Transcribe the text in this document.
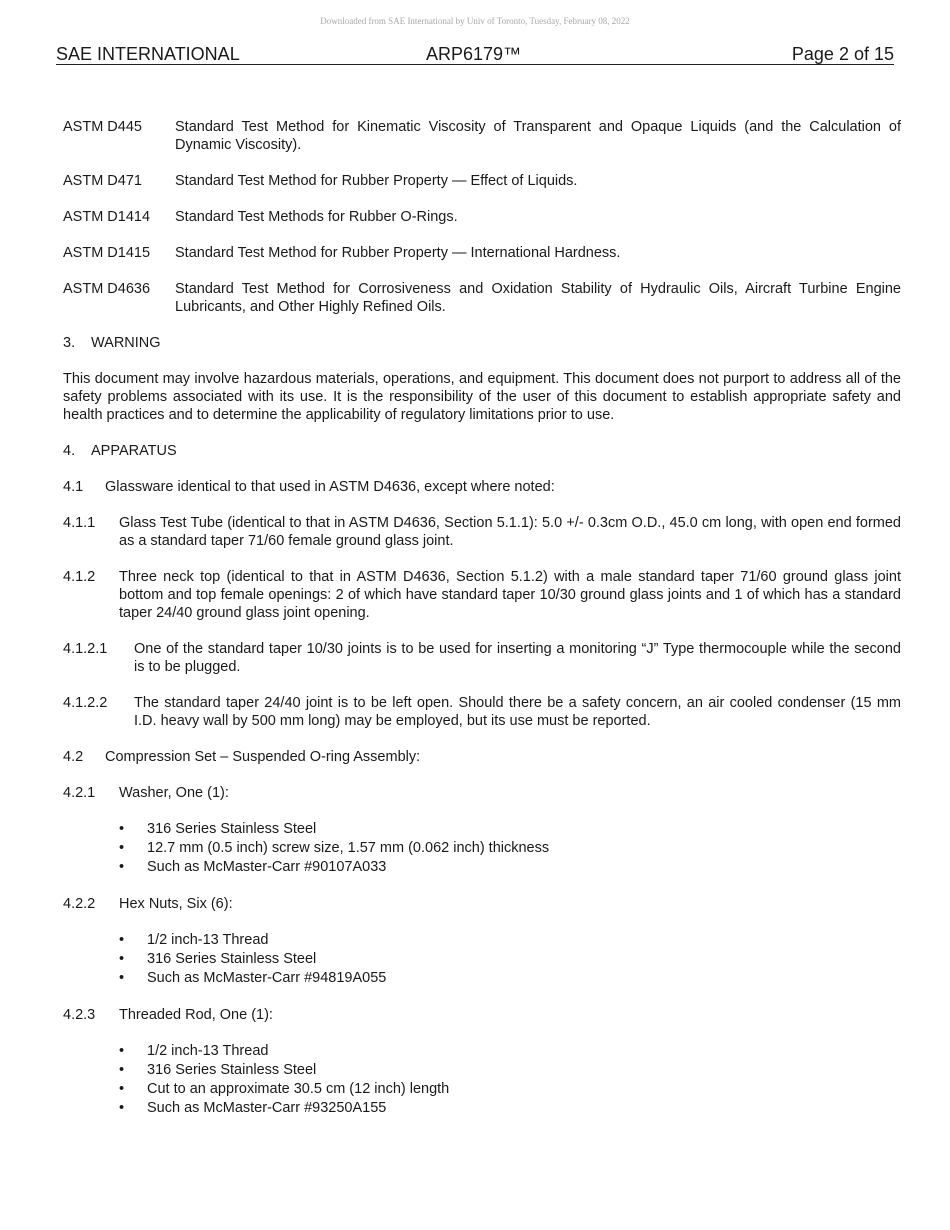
Downloaded from SAE International by Univ of Toronto, Tuesday, February 08, 2022
SAE INTERNATIONAL	ARP6179™	Page 2 of 15
ASTM D445	Standard Test Method for Kinematic Viscosity of Transparent and Opaque Liquids (and the Calculation of Dynamic Viscosity).
ASTM D471	Standard Test Method for Rubber Property ― Effect of Liquids.
ASTM D1414	Standard Test Methods for Rubber O-Rings.
ASTM D1415	Standard Test Method for Rubber Property ― International Hardness.
ASTM D4636	Standard Test Method for Corrosiveness and Oxidation Stability of Hydraulic Oils, Aircraft Turbine Engine Lubricants, and Other Highly Refined Oils.
3. WARNING
This document may involve hazardous materials, operations, and equipment. This document does not purport to address all of the safety problems associated with its use. It is the responsibility of the user of this document to establish appropriate safety and health practices and to determine the applicability of regulatory limitations prior to use.
4. APPARATUS
4.1	Glassware identical to that used in ASTM D4636, except where noted:
4.1.1	Glass Test Tube (identical to that in ASTM D4636, Section 5.1.1): 5.0 +/- 0.3cm O.D., 45.0 cm long, with open end formed as a standard taper 71/60 female ground glass joint.
4.1.2	Three neck top (identical to that in ASTM D4636, Section 5.1.2) with a male standard taper 71/60 ground glass joint bottom and top female openings: 2 of which have standard taper 10/30 ground glass joints and 1 of which has a standard taper 24/40 ground glass joint opening.
4.1.2.1	One of the standard taper 10/30 joints is to be used for inserting a monitoring “J” Type thermocouple while the second is to be plugged.
4.1.2.2	The standard taper 24/40 joint is to be left open. Should there be a safety concern, an air cooled condenser (15 mm I.D. heavy wall by 500 mm long) may be employed, but its use must be reported.
4.2	Compression Set – Suspended O-ring Assembly:
4.2.1	Washer, One (1):
• 316 Series Stainless Steel
• 12.7 mm (0.5 inch) screw size, 1.57 mm (0.062 inch) thickness
• Such as McMaster-Carr #90107A033
4.2.2	Hex Nuts, Six (6):
• 1/2 inch-13 Thread
• 316 Series Stainless Steel
• Such as McMaster-Carr #94819A055
4.2.3	Threaded Rod, One (1):
• 1/2 inch-13 Thread
• 316 Series Stainless Steel
• Cut to an approximate 30.5 cm (12 inch) length
• Such as McMaster-Carr #93250A155
